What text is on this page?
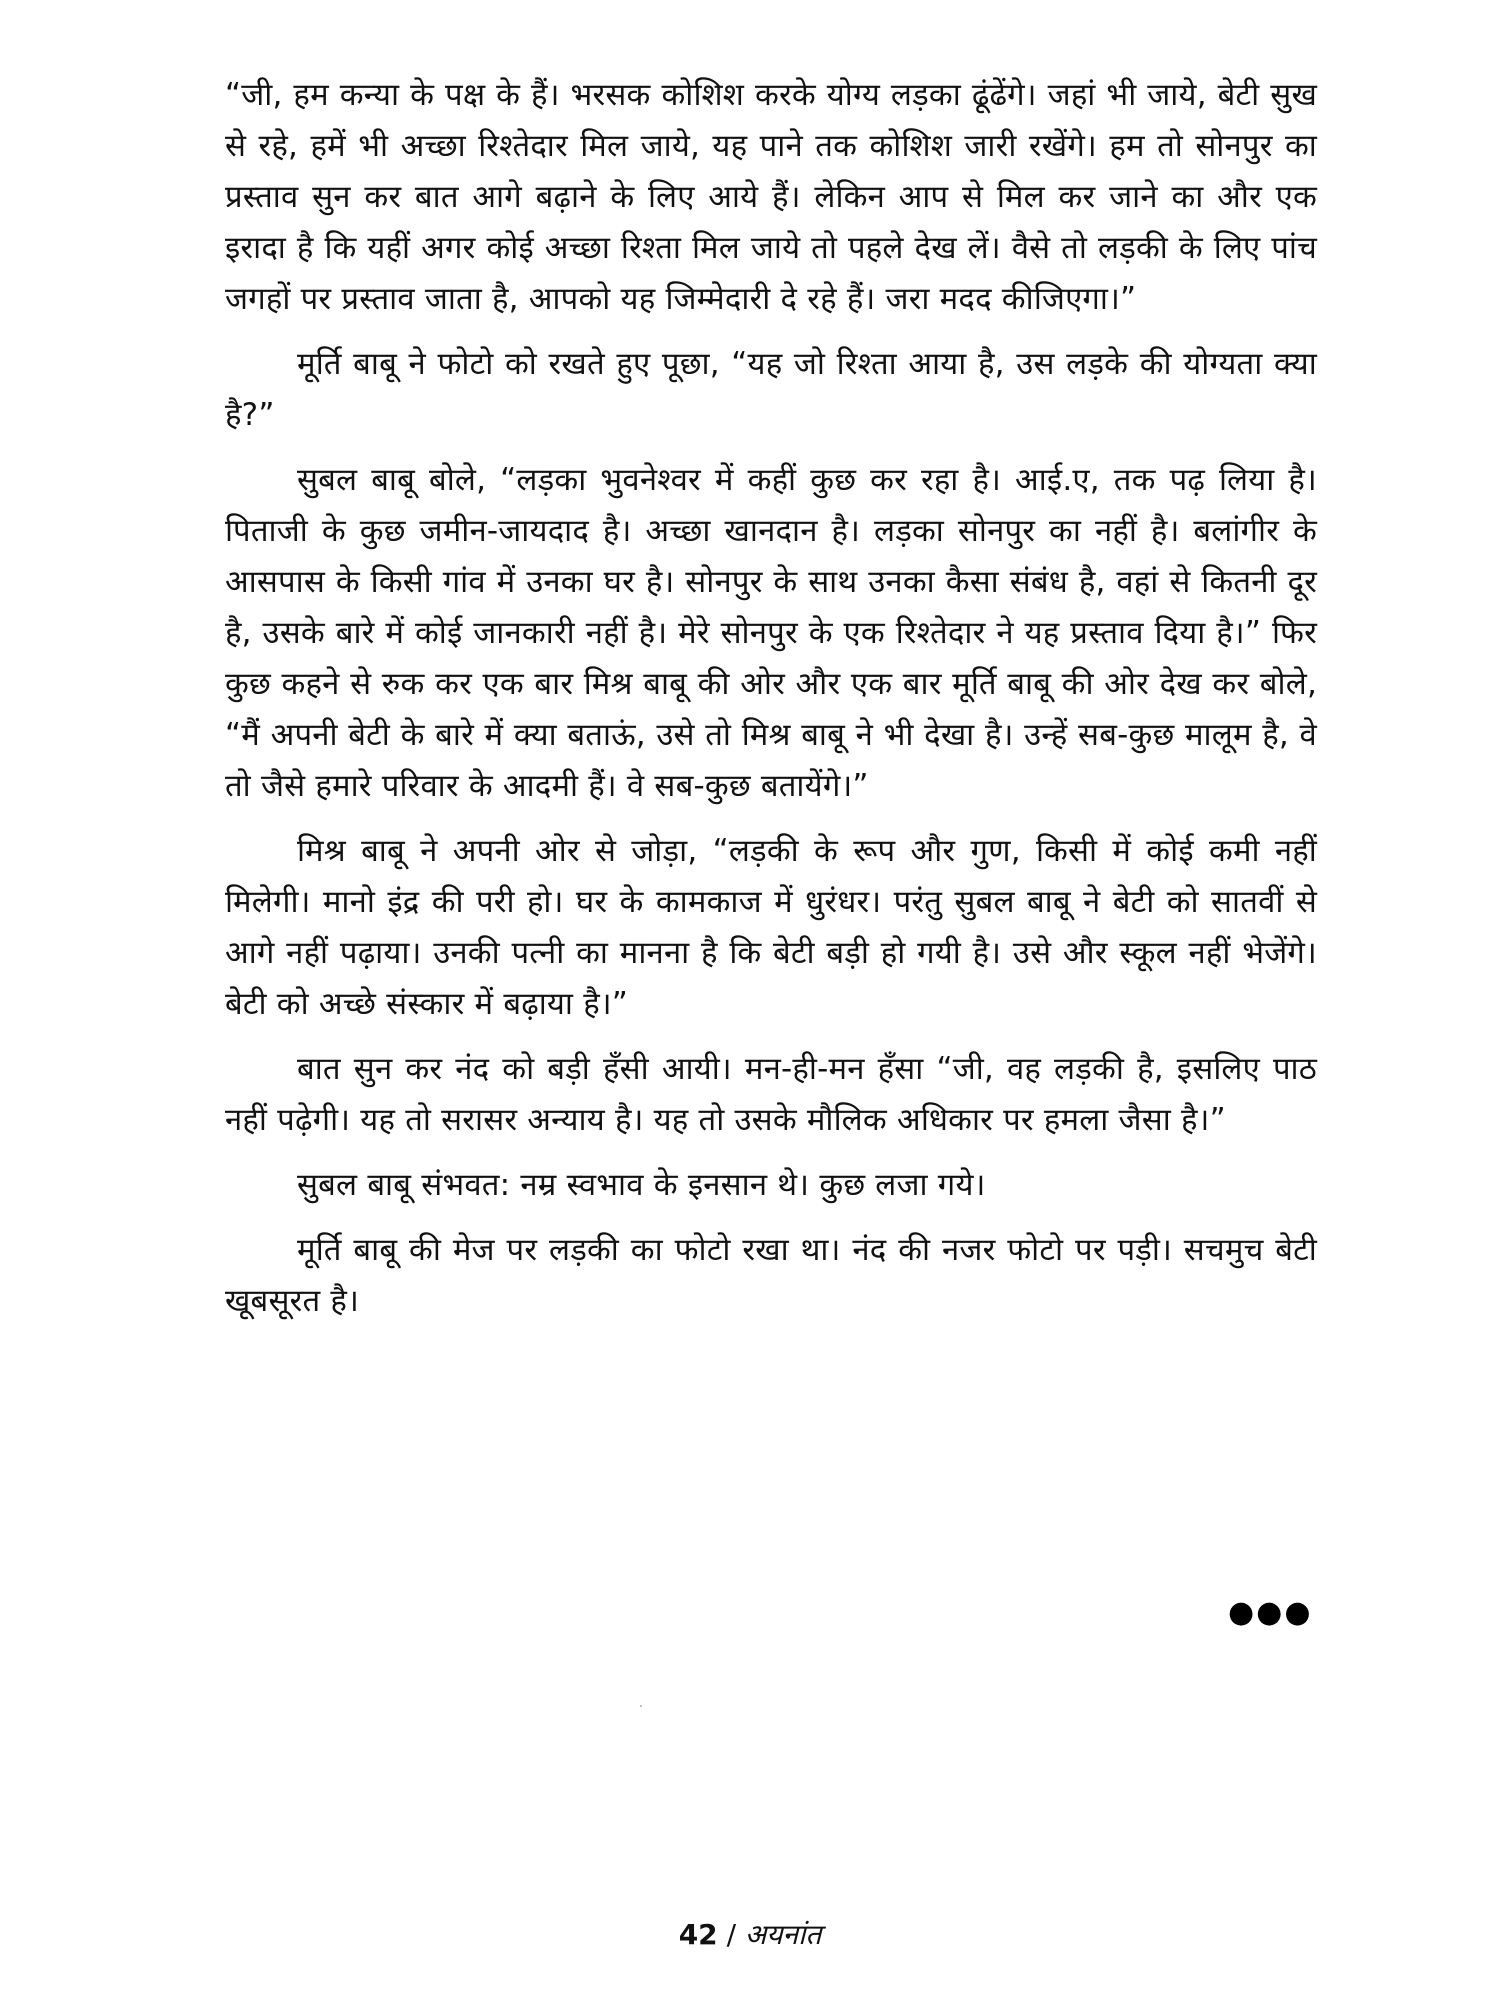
“जी, हम कन्या के पक्ष के हैं। भरसक कोशिश करके योग्य लड़का ढूंढेंगे। जहां भी जाये, बेटी सुख से रहे, हमें भी अच्छा रिश्तेदार मिल जाये, यह पाने तक कोशिश जारी रखेंगे। हम तो सोनपुर का प्रस्ताव सुन कर बात आगे बढ़ाने के लिए आये हैं। लेकिन आप से मिल कर जाने का और एक इरादा है कि यहीं अगर कोई अच्छा रिश्ता मिल जाये तो पहले देख लें। वैसे तो लड़की के लिए पांच जगहों पर प्रस्ताव जाता है, आपको यह जिम्मेदारी दे रहे हैं। जरा मदद कीजिएगा।”

मूर्ति बाबू ने फोटो को रखते हुए पूछा, “यह जो रिश्ता आया है, उस लड़के की योग्यता क्या है?”

सुबल बाबू बोले, “लड़का भुवनेश्वर में कहीं कुछ कर रहा है। आई.ए, तक पढ़ लिया है। पिताजी के कुछ जमीन-जायदाद है। अच्छा खानदान है। लड़का सोनपुर का नहीं है। बलांगीर के आसपास के किसी गांव में उनका घर है। सोनपुर के साथ उनका कैसा संबंध है, वहां से कितनी दूर है, उसके बारे में कोई जानकारी नहीं है। मेरे सोनपुर के एक रिश्तेदार ने यह प्रस्ताव दिया है।” फिर कुछ कहने से रुक कर एक बार मिश्र बाबू की ओर और एक बार मूर्ति बाबू की ओर देख कर बोले, “मैं अपनी बेटी के बारे में क्या बताऊं, उसे तो मिश्र बाबू ने भी देखा है। उन्हें सब-कुछ मालूम है, वे तो जैसे हमारे परिवार के आदमी हैं। वे सब-कुछ बतायेंगे।”

मिश्र बाबू ने अपनी ओर से जोड़ा, “लड़की के रूप और गुण, किसी में कोई कमी नहीं मिलेगी। मानो इंद्र की परी हो। घर के कामकाज में धुरंधर। परंतु सुबल बाबू ने बेटी को सातवीं से आगे नहीं पढ़ाया। उनकी पत्नी का मानना है कि बेटी बड़ी हो गयी है। उसे और स्कूल नहीं भेजेंगे। बेटी को अच्छे संस्कार में बढ़ाया है।”

बात सुन कर नंद को बड़ी हँसी आयी। मन-ही-मन हँसा “जी, वह लड़की है, इसलिए पाठ नहीं पढ़ेगी। यह तो सरासर अन्याय है। यह तो उसके मौलिक अधिकार पर हमला जैसा है।”

सुबल बाबू संभवत: नम्र स्वभाव के इनसान थे। कुछ लजा गये।

मूर्ति बाबू की मेज पर लड़की का फोटो रखा था। नंद की नजर फोटो पर पड़ी। सचमुच बेटी खूबसूरत है।

●●●
42 / अयनांत
